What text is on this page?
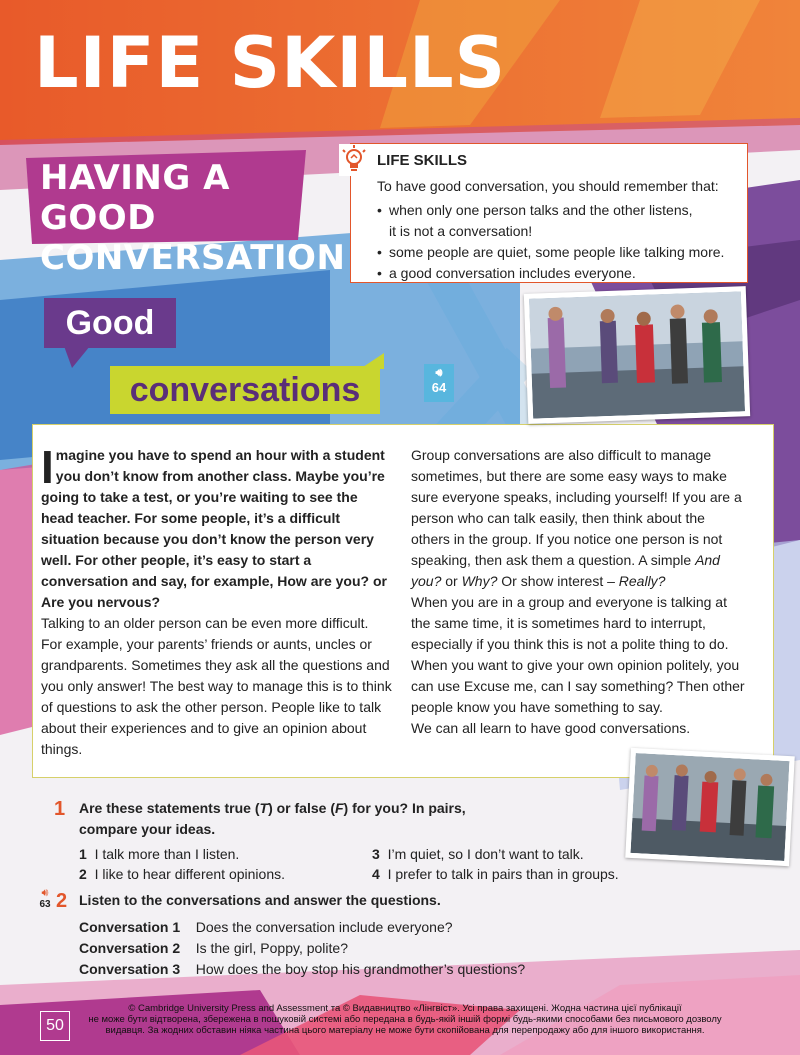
LIFE SKILLS
HAVING A GOOD
CONVERSATION
LIFE SKILLS
To have good conversation, you should remember that:
• when only one person talks and the other listens,
it is not a conversation!
• some people are quiet, some people like talking more.
• a good conversation includes everyone.
Good
conversations	🔊︎
64

Imagine you have to spend an hour with a student you don’t know from another class. Maybe you’re going to take a test, or you’re waiting to see the head teacher. For some people, it’s a difficult situation because you don’t know the person very well. For other people, it’s easy to start a conversation and say, for example, How are you? or Are you nervous?

Talking to an older person can be even more difficult. For example, your parents’ friends or aunts, uncles or grandparents. Sometimes they ask all the questions and you only answer! The best way to manage this is to think of questions to ask the other person. People like to talk about their experiences and to give an opinion about things.

Group conversations are also difficult to manage sometimes, but there are some easy ways to make sure everyone speaks, including yourself! If you are a person who can talk easily, then think about the others in the group. If you notice one person is not speaking, then ask them a question. A simple And you? or Why? Or show interest – Really?

When you are in a group and everyone is talking at the same time, it is sometimes hard to interrupt, especially if you think this is not a polite thing to do. When you want to give your own opinion politely, you can use Excuse me, can I say something? Then other people know you have something to say.

We can all learn to have good conversations.

1 Are these statements true (T) or false (F) for you? In pairs,
compare your ideas.
1 I talk more than I listen.
2 I like to hear different opinions.
3 I’m quiet, so I don’t want to talk.
4 I prefer to talk in pairs than in groups.
🔊︎
63 2 Listen to the conversations and answer the questions.
Conversation 1 Does the conversation include everyone?
Conversation 2 Is the girl, Poppy, polite?
Conversation 3 How does the boy stop his grandmother’s questions?
50
© Cambridge University Press and Assessment та © Видавництво «Лінгвіст». Усі права захищені. Жодна частина цієї публікації
не може бути відтворена, збережена в пошуковій системі або передана в будь-якій іншій формі будь-якими способами без письмового дозволу
видавця. За жодних обставин ніяка частина цього матеріалу не може бути скопійована для перепродажу або для іншого використання.
